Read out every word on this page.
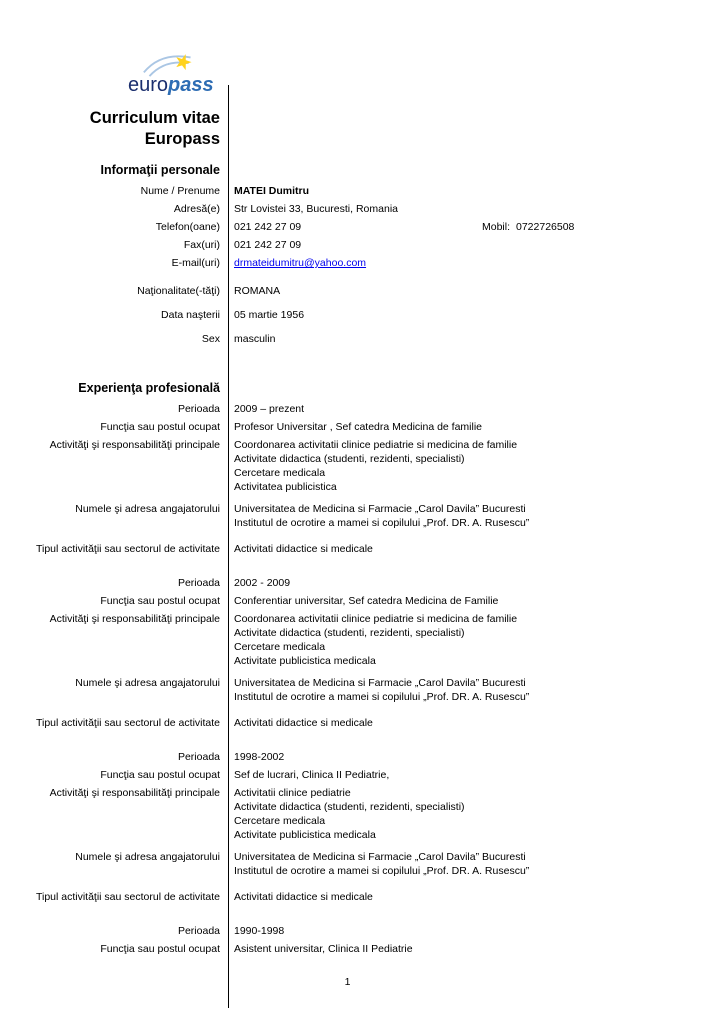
europass
Curriculum vitae
Europass
Informaţii personale
Nume / Prenume	MATEI Dumitru
Adresă(e)	Str Lovistei 33, Bucuresti, Romania
Telefon(oane)	021 242 27 09	Mobil: 0722726508
Fax(uri)	021 242 27 09
E-mail(uri)	drmateidumitru@yahoo.com
Naţionalitate(-tăţi)	ROMANA
Data naşterii	05 martie 1956
Sex	masculin
Experienţa profesională
Perioada	2009 – prezent
Funcţia sau postul ocupat	Profesor Universitar , Sef catedra Medicina de familie
Activităţi şi responsabilităţi principale	Coordonarea activitatii clinice pediatrie si medicina de familie
Activitate didactica (studenti, rezidenti, specialisti)
Cercetare medicala
Activitatea publicistica
Numele şi adresa angajatorului	Universitatea de Medicina si Farmacie „Carol Davila” Bucuresti
Institutul de ocrotire a mamei si copilului „Prof. DR. A. Rusescu”
Tipul activităţii sau sectorul de activitate	Activitati didactice si medicale
Perioada	2002 - 2009
Funcţia sau postul ocupat	Conferentiar universitar, Sef catedra Medicina de Familie
Activităţi şi responsabilităţi principale	Coordonarea activitatii clinice pediatrie si medicina de familie
Activitate didactica (studenti, rezidenti, specialisti)
Cercetare medicala
Activitate publicistica medicala
Numele şi adresa angajatorului	Universitatea de Medicina si Farmacie „Carol Davila” Bucuresti
Institutul de ocrotire a mamei si copilului „Prof. DR. A. Rusescu”
Tipul activităţii sau sectorul de activitate	Activitati didactice si medicale
Perioada	1998-2002
Funcţia sau postul ocupat	Sef de lucrari, Clinica II Pediatrie,
Activităţi şi responsabilităţi principale	Activitatii clinice pediatrie
Activitate didactica (studenti, rezidenti, specialisti)
Cercetare medicala
Activitate publicistica medicala
Numele şi adresa angajatorului	Universitatea de Medicina si Farmacie „Carol Davila” Bucuresti
Institutul de ocrotire a mamei si copilului „Prof. DR. A. Rusescu”
Tipul activităţii sau sectorul de activitate	Activitati didactice si medicale
Perioada	1990-1998
Funcţia sau postul ocupat	Asistent universitar, Clinica II Pediatrie
1
